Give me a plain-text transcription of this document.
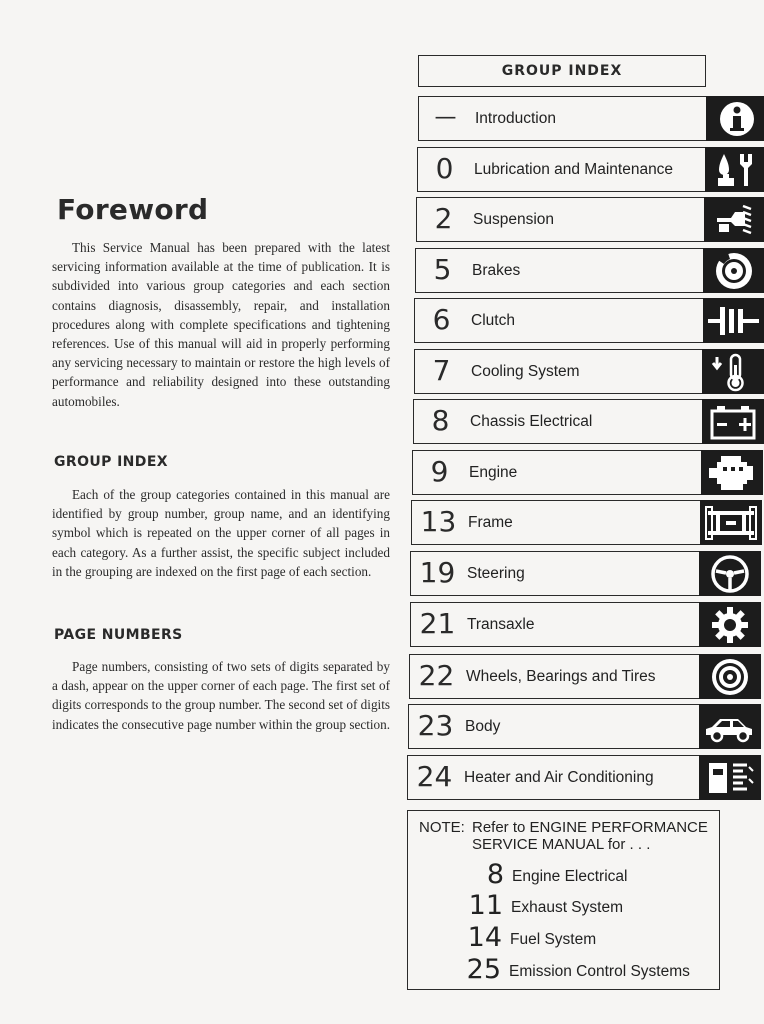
Foreword

This Service Manual has been prepared with the latest servicing information available at the time of publication. It is subdivided into various group categories and each section contains diagnosis, disassembly, repair, and installation procedures along with complete specifications and tightening references. Use of this manual will aid in properly performing any servicing necessary to maintain or restore the high levels of performance and reliability designed into these outstanding automobiles.

GROUP INDEX

Each of the group categories contained in this manual are identified by group number, group name, and an identifying symbol which is repeated on the upper corner of all pages in each category. As a further assist, the specific subject included in the grouping are indexed on the first page of each section.

PAGE NUMBERS

Page numbers, consisting of two sets of digits separated by a dash, appear on the upper corner of each page. The first set of digits corresponds to the group number. The second set of digits indicates the consecutive page number within the group section.

GROUP INDEX
—	Introduction
0	Lubrication and Maintenance
2	Suspension
5	Brakes
6	Clutch
7	Cooling System
8	Chassis Electrical
9	Engine
13 Frame
19 Steering
21 Transaxle
22 Wheels, Bearings and Tires
23 Body
24 Heater and Air Conditioning
NOTE: Refer to ENGINE PERFORMANCE SERVICE MANUAL for . . .
8 Engine Electrical
11 Exhaust System
14 Fuel System
25 Emission Control Systems
